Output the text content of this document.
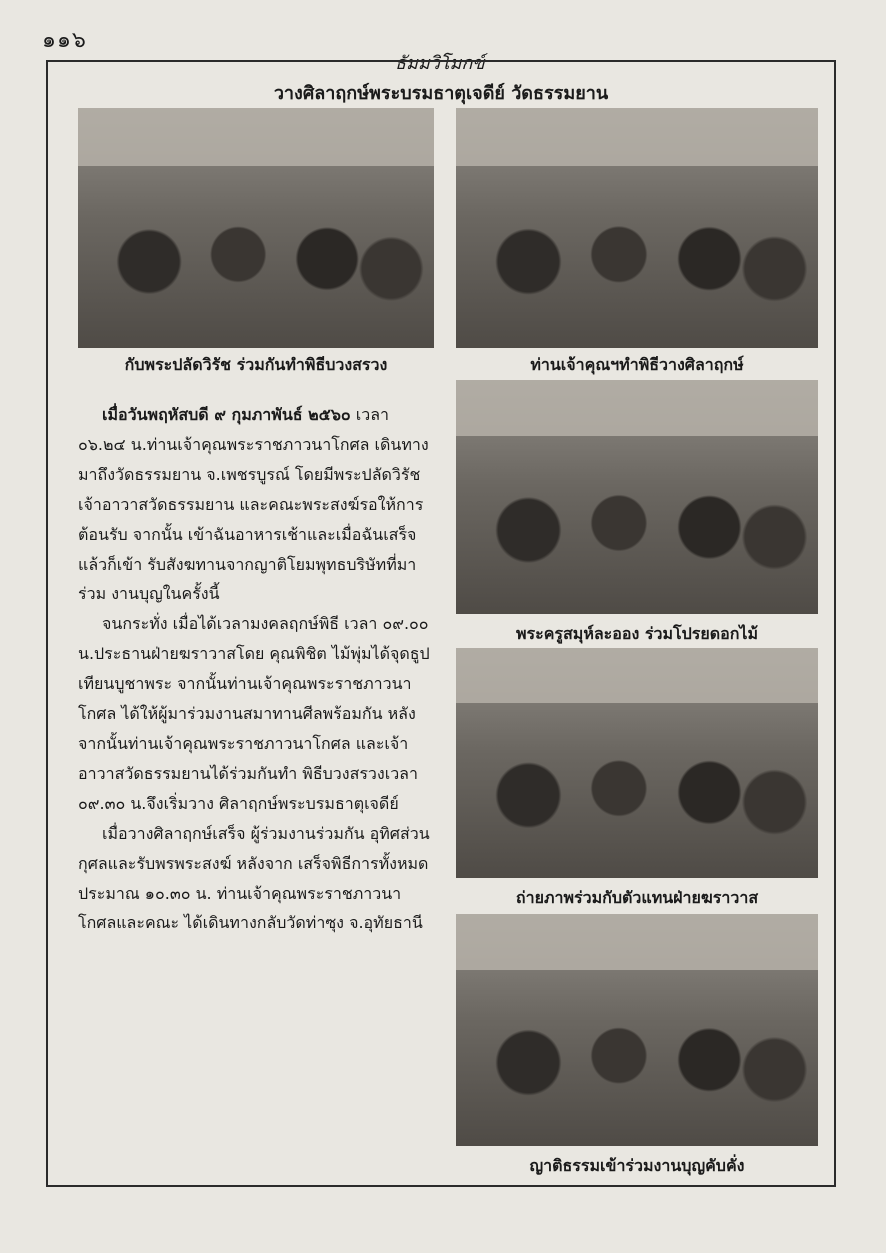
๑๑๖
ธัมมวิโมกข์
วางศิลาฤกษ์พระบรมธาตุเจดีย์ วัดธรรมยาน
กับพระปลัดวิรัช ร่วมกันทำพิธีบวงสรวง	ท่านเจ้าคุณฯทำพิธีวางศิลาฤกษ์
พระครูสมุห์ละออง ร่วมโปรยดอกไม้
ถ่ายภาพร่วมกับตัวแทนฝ่ายฆราวาส
ญาติธรรมเข้าร่วมงานบุญคับคั่ง

เมื่อวันพฤหัสบดี ๙ กุมภาพันธ์ ๒๕๖๐ เวลา ๐๖.๒๔ น.ท่านเจ้าคุณพระราชภาวนาโกศล เดินทางมาถึงวัดธรรมยาน จ.เพชรบูรณ์ โดยมีพระปลัดวิรัช เจ้าอาวาสวัดธรรมยาน และคณะพระสงฆ์รอให้การต้อนรับ จากนั้น เข้าฉันอาหารเช้าและเมื่อฉันเสร็จแล้วก็เข้า รับสังฆทานจากญาติโยมพุทธบริษัทที่มาร่วม งานบุญในครั้งนี้

จนกระทั่ง เมื่อได้เวลามงคลฤกษ์พิธี เวลา ๐๙.๐๐ น.ประธานฝ่ายฆราวาสโดย คุณพิชิต ไม้พุ่มได้จุดธูปเทียนบูชาพระ จากนั้นท่านเจ้าคุณพระราชภาวนาโกศล ได้ให้ผู้มาร่วมงานสมาทานศีลพร้อมกัน หลังจากนั้นท่านเจ้าคุณพระราชภาวนาโกศล และเจ้าอาวาสวัดธรรมยานได้ร่วมกันทำ พิธีบวงสรวงเวลา ๐๙.๓๐ น.จึงเริ่มวาง ศิลาฤกษ์พระบรมธาตุเจดีย์

เมื่อวางศิลาฤกษ์เสร็จ ผู้ร่วมงานร่วมกัน อุทิศส่วนกุศลและรับพรพระสงฆ์ หลังจาก เสร็จพิธีการทั้งหมดประมาณ ๑๐.๓๐ น. ท่านเจ้าคุณพระราชภาวนาโกศลและคณะ ได้เดินทางกลับวัดท่าซุง จ.อุทัยธานี
